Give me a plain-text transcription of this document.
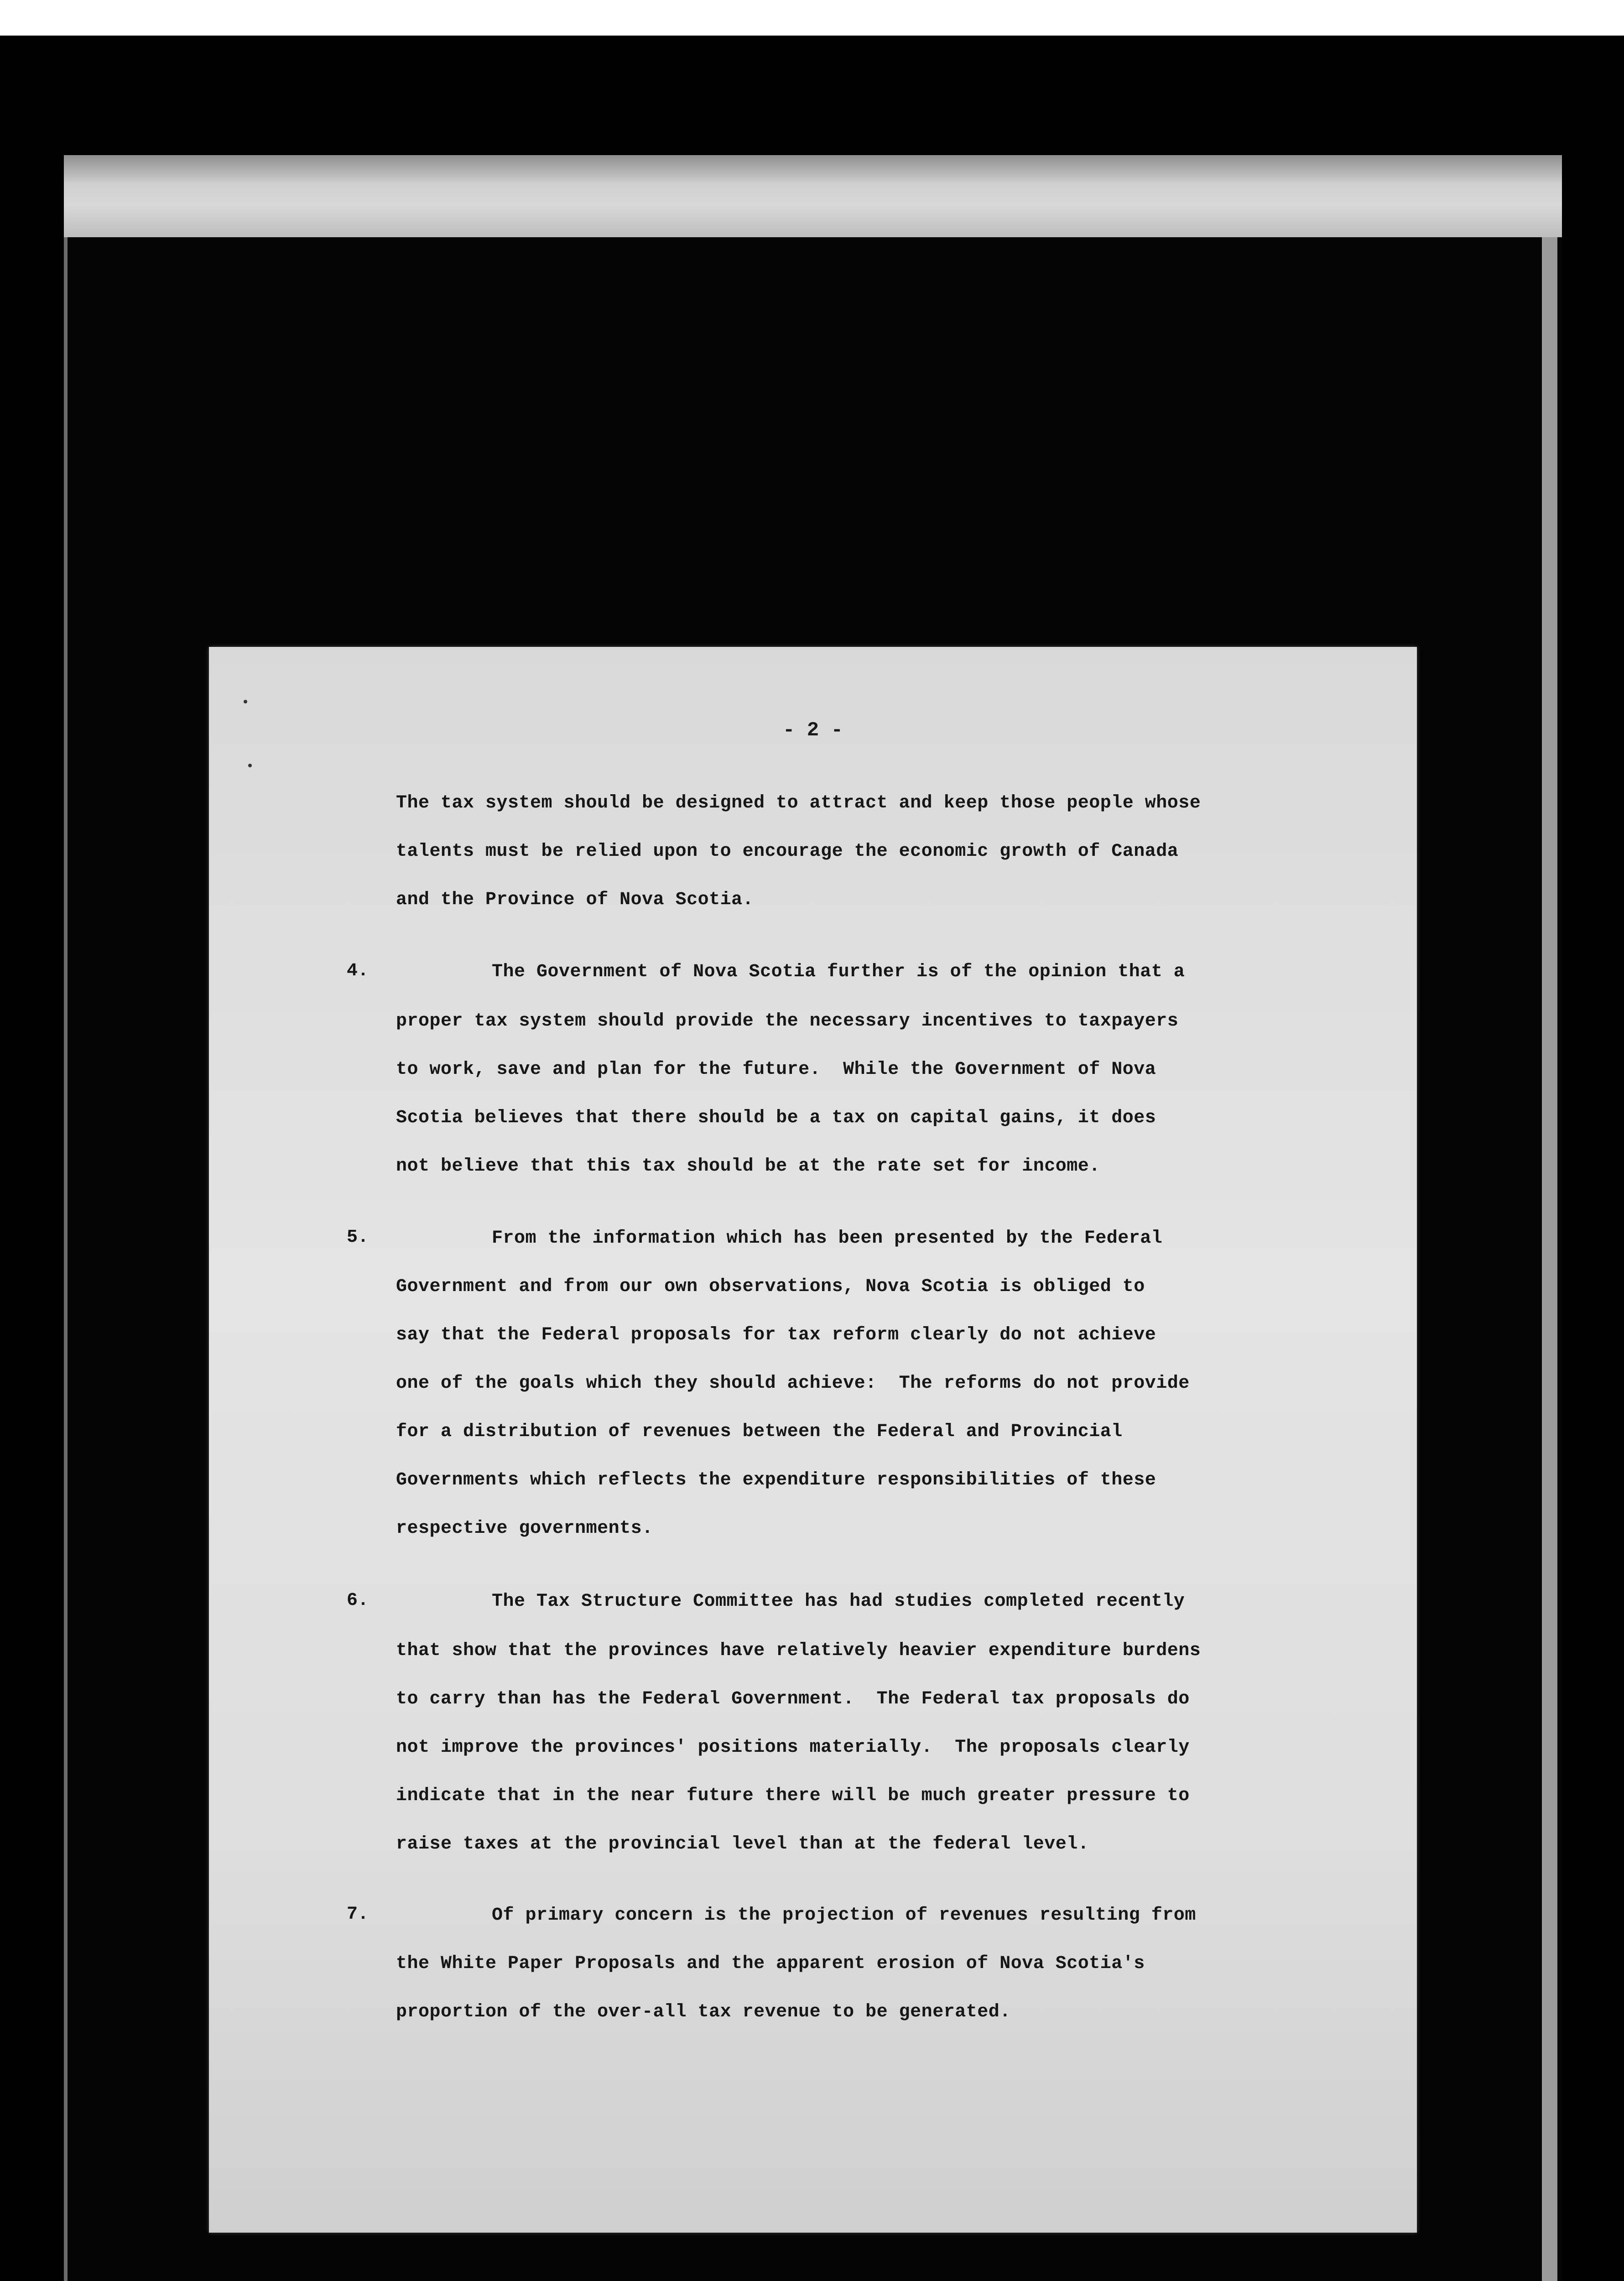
- 2 -
The tax system should be designed to attract and keep those people whose
talents must be relied upon to encourage the economic growth of Canada
and the Province of Nova Scotia.
4.	The Government of Nova Scotia further is of the opinion that a
proper tax system should provide the necessary incentives to taxpayers
to work, save and plan for the future.  While the Government of Nova
Scotia believes that there should be a tax on capital gains, it does
not believe that this tax should be at the rate set for income.
5.	From the information which has been presented by the Federal
Government and from our own observations, Nova Scotia is obliged to
say that the Federal proposals for tax reform clearly do not achieve
one of the goals which they should achieve:  The reforms do not provide
for a distribution of revenues between the Federal and Provincial
Governments which reflects the expenditure responsibilities of these
respective governments.
6.	The Tax Structure Committee has had studies completed recently
that show that the provinces have relatively heavier expenditure burdens
to carry than has the Federal Government.  The Federal tax proposals do
not improve the provinces' positions materially.  The proposals clearly
indicate that in the near future there will be much greater pressure to
raise taxes at the provincial level than at the federal level.
7.	Of primary concern is the projection of revenues resulting from
the White Paper Proposals and the apparent erosion of Nova Scotia's
proportion of the over-all tax revenue to be generated.
